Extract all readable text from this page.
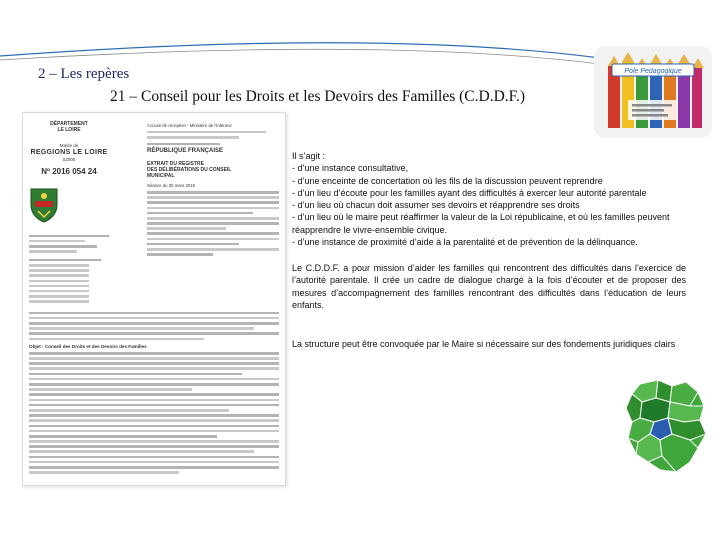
2 – Les repères
21 – Conseil pour les Droits et les Devoirs des Familles (C.D.D.F.)
Pole Pedagogique
DÉPARTEMENT
LE LOIRE
Mairie de
REGGIONS LE LOIRE
02000
Nº 2016 054 24
Accusé de réception - Ministère de l'Intérieur
RÉPUBLIQUE FRANÇAISE
EXTRAIT DU REGISTRE
DES DÉLIBÉRATIONS DU CONSEIL
MUNICIPAL
Séance du 30 mars 2016
Objet : Conseil des Droits et des Devoirs des Familles

Il s’agit :

- d’une instance consultative,

- d’une enceinte de concertation où les fils de la discussion peuvent reprendre

- d’un lieu d’écoute pour les familles ayant des difficultés à exercer leur autorité parentale

- d’un lieu où chacun doit assumer ses devoirs et réapprendre ses droits

- d’un lieu où le maire peut réaffirmer la valeur de la Loi républicaine, et où les familles peuvent réapprendre le vivre-ensemble civique.

- d’une instance de proximité d’aide à la parentalité et de prévention de la délinquance.

Le C.D.D.F. a pour mission d’aider les familles qui rencontrent des difficultés dans l’exercice de l’autorité parentale. Il crée un cadre de dialogue chargé à la fois d’écouter et de proposer des mesures d’accompagnement des familles rencontrant des difficultés dans l’éducation de leurs enfants.

La structure peut être convoquée par le Maire si nécessaire sur des fondements juridiques clairs
